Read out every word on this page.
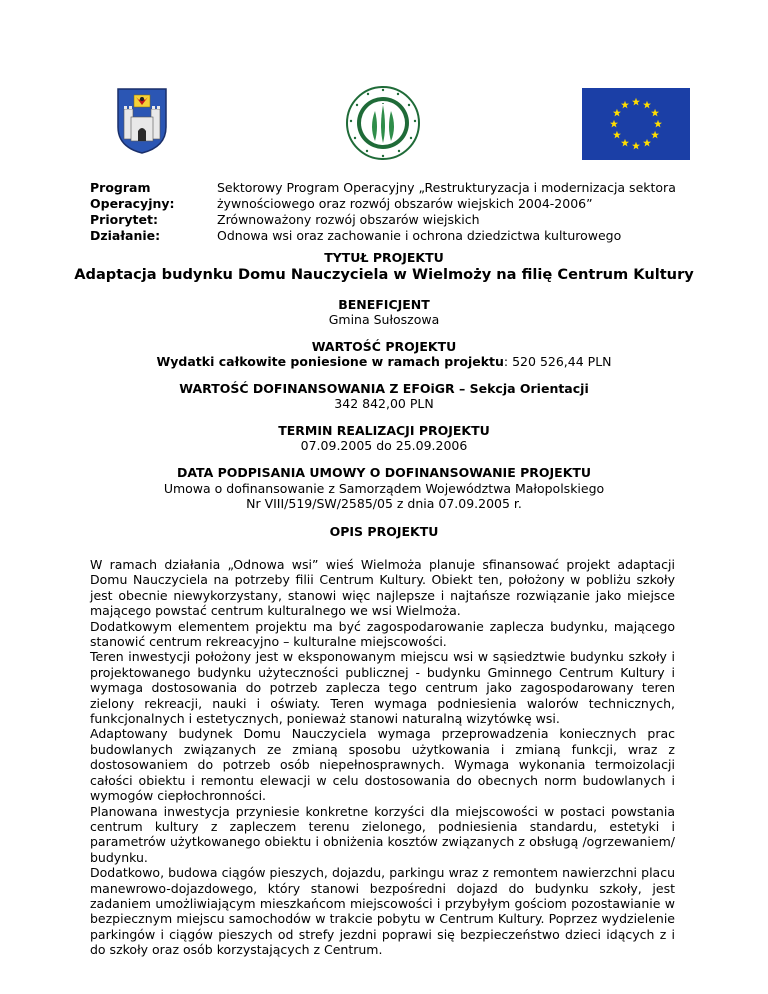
Program Operacyjny:
Sektorowy Program Operacyjny „Restrukturyzacja i modernizacja sektora
żywnościowego oraz rozwój obszarów wiejskich 2004-2006”
Priorytet:	Zrównoważony rozwój obszarów wiejskich
Działanie:	Odnowa wsi oraz zachowanie i ochrona dziedzictwa kulturowego
TYTUŁ PROJEKTU
Adaptacja budynku Domu Nauczyciela w Wielmoży na filię Centrum Kultury
BENEFICJENT
Gmina Sułoszowa
WARTOŚĆ PROJEKTU
Wydatki całkowite poniesione w ramach projektu: 520 526,44 PLN
WARTOŚĆ DOFINANSOWANIA Z EFOiGR – Sekcja Orientacji
342 842,00 PLN
TERMIN REALIZACJI PROJEKTU
07.09.2005 do 25.09.2006
DATA PODPISANIA UMOWY O DOFINANSOWANIE PROJEKTU
Umowa o dofinansowanie z Samorządem Województwa Małopolskiego
Nr VIII/519/SW/2585/05 z dnia 07.09.2005 r.
OPIS PROJEKTU

W ramach działania „Odnowa wsi” wieś Wielmoża planuje sfinansować projekt adaptacji Domu Nauczyciela na potrzeby filii Centrum Kultury. Obiekt ten, położony w pobliżu szkoły jest obecnie niewykorzystany, stanowi więc najlepsze i najtańsze rozwiązanie jako miejsce mającego powstać centrum kulturalnego we wsi Wielmoża.

Dodatkowym elementem projektu ma być zagospodarowanie zaplecza budynku, mającego stanowić centrum rekreacyjno – kulturalne miejscowości.

Teren inwestycji położony jest w eksponowanym miejscu wsi w sąsiedztwie budynku szkoły i projektowanego budynku użyteczności publicznej - budynku Gminnego Centrum Kultury i wymaga dostosowania do potrzeb zaplecza tego centrum jako zagospodarowany teren zielony rekreacji, nauki i oświaty. Teren wymaga podniesienia walorów technicznych, funkcjonalnych i estetycznych, ponieważ stanowi naturalną wizytówkę wsi.

Adaptowany budynek Domu Nauczyciela wymaga przeprowadzenia koniecznych prac budowlanych związanych ze zmianą sposobu użytkowania i zmianą funkcji, wraz z dostosowaniem do potrzeb osób niepełnosprawnych. Wymaga wykonania termoizolacji całości obiektu i remontu elewacji w celu dostosowania do obecnych norm budowlanych i wymogów ciepłochronności.

Planowana inwestycja przyniesie konkretne korzyści dla miejscowości w postaci powstania centrum kultury z zapleczem terenu zielonego, podniesienia standardu, estetyki i parametrów użytkowanego obiektu i obniżenia kosztów związanych z obsługą /ogrzewaniem/ budynku.

Dodatkowo, budowa ciągów pieszych, dojazdu, parkingu wraz z remontem nawierzchni placu manewrowo-dojazdowego, który stanowi bezpośredni dojazd do budynku szkoły, jest zadaniem umożliwiającym mieszkańcom miejscowości i przybyłym gościom pozostawianie w bezpiecznym miejscu samochodów w trakcie pobytu w Centrum Kultury. Poprzez wydzielenie parkingów i ciągów pieszych od strefy jezdni poprawi się bezpieczeństwo dzieci idących z i do szkoły oraz osób korzystających z Centrum.
